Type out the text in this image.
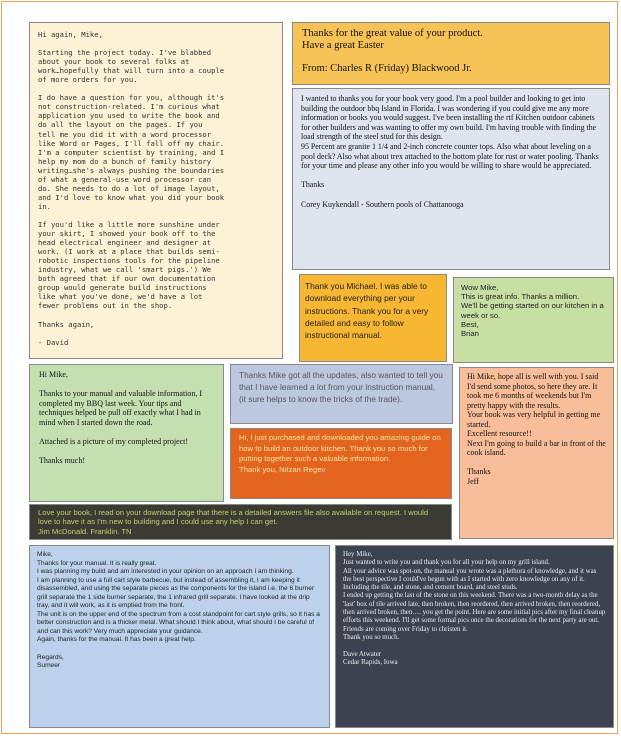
Hi again, Mike,

Starting the project today. I've blabbed
about your book to several folks at
work…hopefully that will turn into a couple
of more orders for you.

I do have a question for you, although it's
not construction-related. I'm curious what
application you used to write the book and
do all the layout on the pages. If you
tell me you did it with a word processor
like Word or Pages, I'll fall off my chair.
I'm a computer scientist by training, and I
help my mom do a bunch of family history
writing…she's always pushing the boundaries
of what a general-use word processor can
do. She needs to do a lot of image layout,
and I'd love to know what you did your book
in.

If you'd like a little more sunshine under
your skirt, I showed your book off to the
head electrical engineer and designer at
work. (I work at a place that builds semi-
robotic inspections tools for the pipeline
industry, what we call 'smart pigs.') We
both agreed that if our own documentation
group would generate build instructions
like what you've done, we'd have a lot
fewer problems out in the shop.

Thanks again,

- David

Thanks for the great value of your product.
Have a great Easter

From: Charles R (Friday) Blackwood Jr.

I wanted to thanks you for your book very good. I'm a pool builder and looking to get into building the outdoor bbq Island in Florida. I was wondering if you could give me any more information or books you would suggest. I've been installing the rtf Kitchen outdoor cabinets for other builders and was wanting to offer my own build. I'm having trouble with finding the load strength of the steel stud for this design.
95 Percent are granite 1 1/4 and 2-inch concrete counter tops. Also what about leveling on a pool deck? Also what about trex attached to the bottom plate for rust or water pooling. Thanks for your time and please any other info you would be willing to share would be appreciated.

Thanks

Corey Kuykendall - Southern pools of Chattanooga

Thank you Michael. I was able to download everything per your instructions. Thank you for a very detailed and easy to follow instructional manual.

Wow Mike,
This is great info. Thanks a million.
We'll be getting started on our kitchen in a week or so.
Best,
Brian

Hi Mike,

Thanks to your manual and valuable information, I completed my BBQ last week. Your tips and techniques helped be pull off exactly what I had in mind when I started down the road.

Attached is a picture of my completed project!

Thanks much!

Thanks Mike got all the updates, also wanted to tell you that I have learned a lot from your instruction manual, (it sure helps to know the tricks of the trade).

Hi, I just purchased and downloaded you amazing guide on how to build an outdoor kitchen. Thank you so much for putting together such a valuable information.
Thank you, Nitzan Regev

Hi Mike, hope all is well with you. I said I'd send some photos, so here they are. It took me 6 months of weekends but I'm pretty happy with the results.
Your book was very helpful in getting me started.
Excellent resource!!
Next I'm going to build a bar in front of the cook island.

Thanks
Jeff

Love your book, I read on your download page that there is a detailed answers file also available on request. I would love to have it as I'm new to building and I could use any help I can get.
Jim McDonald. Franklin. TN

Mike,
Thanks for your manual. It is really great.
I was planning my build and am interested in your opinion on an approach I am thinking.
I am planning to use a full cart style barbecue, but instead of assembling it, I am keeping it disassembled, and using the separate pieces as the components for the island i.e. the 6 burner grill separate the 1 side burner separate, the 1 infrared grill separate. I have looked at the drip tray, and it will work, as it is emptied from the front.
The unit is on the upper end of the spectrum from a cost standpoint for cart style grills, so it has a better construction and is a thicker metal. What should I think about, what should I be careful of and can this work? Very much appreciate your guidance.
Again, thanks for the manual. It has been a great help.

Regards,
Sumeer

Hey Mike,
Just wanted to write you and thank you for all your help on my grill island.
All your advice was spot-on, the manual you wrote was a plethora of knowledge, and it was the best perspective I could've begun with as I started with zero knowledge on any of it.
Including the tile, and stone, and cement board, and steel studs.
I ended up getting the last of the stone on this weekend. There was a two-month delay as the 'last' box of tile arrived late, then broken, then reordered, then arrived broken, then reordered, then arrived broken, then…. you get the point. Here are some initial pics after my final cleanup efforts this weekend. I'll get some formal pics once the decorations for the next party are out. Friends are coming over Friday to christen it.
Thank you so much.

Dave Atwater
Cedar Rapids, Iowa
